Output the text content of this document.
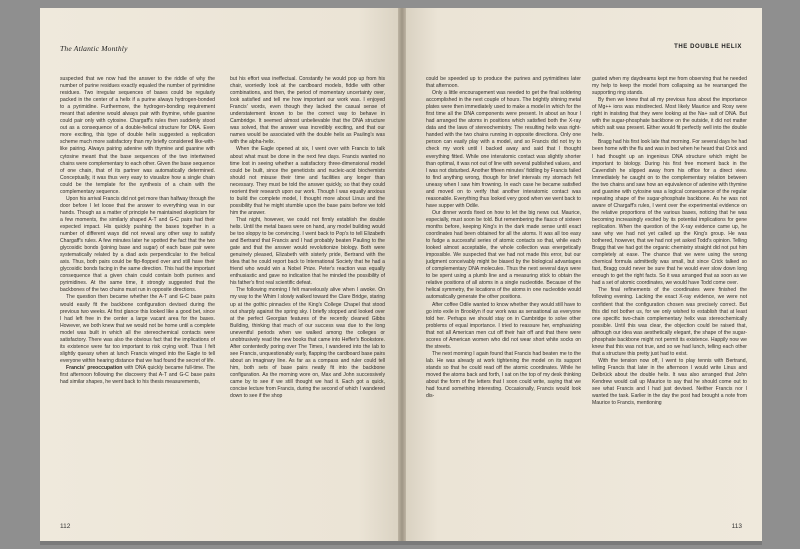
The Atlantic Monthly

suspected that we now had the answer to the riddle of why the number of purine residues exactly equaled the number of pyrimidine residues. Two irregular sequences of bases could be regularly packed in the center of a helix if a purine always hydrogen-bonded to a pyrimidine. Furthermore, the hydrogen-bonding requirement meant that adenine would always pair with thymine, while guanine could pair only with cytosine. Chargaff's rules then suddenly stood out as a consequence of a double-helical structure for DNA. Even more exciting, this type of double helix suggested a replication scheme much more satisfactory than my briefly considered like-with-like pairing. Always pairing adenine with thymine and guanine with cytosine meant that the base sequences of the two intertwined chains were complementary to each other. Given the base sequence of one chain, that of its partner was automatically determined. Conceptually, it was thus very easy to visualize how a single chain could be the template for the synthesis of a chain with the complementary sequence.

Upon his arrival Francis did not get more than halfway through the door before I let loose that the answer to everything was in our hands. Though as a matter of principle he maintained skepticism for a few moments, the similarly shaped A-T and G-C pairs had their expected impact. His quickly pushing the bases together in a number of different ways did not reveal any other way to satisfy Chargaff's rules. A few minutes later he spotted the fact that the two glycosidic bonds (joining base and sugar) of each base pair were systematically related by a diad axis perpendicular to the helical axis. Thus, both pairs could be flip-flopped over and still have their glycosidic bonds facing in the same direction. This had the important consequence that a given chain could contain both purines and pyrimidines. At the same time, it strongly suggested that the backbones of the two chains must run in opposite directions.

The question then became whether the A-T and G-C base pairs would easily fit the backbone configuration devised during the previous two weeks. At first glance this looked like a good bet, since I had left free in the center a large vacant area for the bases. However, we both knew that we would not be home until a complete model was built in which all the stereochemical contacts were satisfactory. There was also the obvious fact that the implications of its existence were far too important to risk crying wolf. Thus I felt slightly queasy when at lunch Francis winged into the Eagle to tell everyone within hearing distance that we had found the secret of life.

Francis' preoccupation with DNA quickly became full-time. The first afternoon following the discovery that A-T and G-C base pairs had similar shapes, he went back to his thesis measurements,

but his effort was ineffectual. Constantly he would pop up from his chair, worriedly look at the cardboard models, fiddle with other combinations, and then, the period of momentary uncertainty over, look satisfied and tell me how important our work was. I enjoyed Francis' words, even though they lacked the casual sense of understatement known to be the correct way to behave in Cambridge. It seemed almost unbelievable that the DNA structure was solved, that the answer was incredibly exciting, and that our names would be associated with the double helix as Pauling's was with the alpha-helix.

When the Eagle opened at six, I went over with Francis to talk about what must be done in the next few days. Francis wanted no time lost in seeing whether a satisfactory three-dimensional model could be built, since the geneticists and nucleic-acid biochemists should not misuse their time and facilities any longer than necessary. They must be told the answer quickly, so that they could reorient their research upon our work. Though I was equally anxious to build the complete model, I thought more about Linus and the possibility that he might stumble upon the base pairs before we told him the answer.

That night, however, we could not firmly establish the double helix. Until the metal bases were on hand, any model building would be too sloppy to be convincing. I went back to Pop's to tell Elizabeth and Bertrand that Francis and I had probably beaten Pauling to the gate and that the answer would revolutionize biology. Both were genuinely pleased, Elizabeth with sisterly pride, Bertrand with the idea that he could report back to International Society that he had a friend who would win a Nobel Prize. Peter's reaction was equally enthusiastic and gave no indication that he minded the possibility of his father's first real scientific defeat.

The following morning I felt marvelously alive when I awoke. On my way to the Whim I slowly walked toward the Clare Bridge, staring up at the gothic pinnacles of the King's College Chapel that stood out sharply against the spring sky. I briefly stopped and looked over at the perfect Georgian features of the recently cleaned Gibbs Building, thinking that much of our success was due to the long uneventful periods when we walked among the colleges or unobtrusively read the new books that came into Heffer's Bookstore. After contentedly poring over The Times, I wandered into the lab to see Francis, unquestionably early, flapping the cardboard base pairs about an imaginary line. As far as a compass and ruler could tell him, both sets of base pairs neatly fit into the backbone configuration. As the morning wore on, Max and John successively came by to see if we still thought we had it. Each got a quick, concise lecture from Francis, during the second of which I wandered down to see if the shop

112
THE DOUBLE HELIX

could be speeded up to produce the purines and pyrimidines later that afternoon.

Only a little encouragement was needed to get the final soldering accomplished in the next couple of hours. The brightly shining metal plates were then immediately used to make a model in which for the first time all the DNA components were present. In about an hour I had arranged the atoms in positions which satisfied both the X-ray data and the laws of stereochemistry. The resulting helix was right-handed with the two chains running in opposite directions. Only one person can easily play with a model, and so Francis did not try to check my work until I backed away and said that I thought everything fitted. While one interatomic contact was slightly shorter than optimal, it was not out of line with several published values, and I was not disturbed. Another fifteen minutes' fiddling by Francis failed to find anything wrong, though for brief intervals my stomach felt uneasy when I saw him frowning. In each case he became satisfied and moved on to verify that another interatomic contact was reasonable. Everything thus looked very good when we went back to have supper with Odile.

Our dinner words fixed on how to let the big news out. Maurice, especially, must soon be told. But remembering the fiasco of sixteen months before, keeping King's in the dark made sense until exact coordinates had been obtained for all the atoms. It was all too easy to fudge a successful series of atomic contacts so that, while each looked almost acceptable, the whole collection was energetically impossible. We suspected that we had not made this error, but our judgment conceivably might be biased by the biological advantages of complementary DNA molecules. Thus the next several days were to be spent using a plumb line and a measuring stick to obtain the relative positions of all atoms in a single nucleotide. Because of the helical symmetry, the locations of the atoms in one nucleotide would automatically generate the other positions.

After coffee Odile wanted to know whether they would still have to go into exile in Brooklyn if our work was as sensational as everyone told her. Perhaps we should stay on in Cambridge to solve other problems of equal importance. I tried to reassure her, emphasizing that not all American men cut off their hair off and that there were scores of American women who did not wear short white socks on the streets.

The next morning I again found that Francis had beaten me to the lab. He was already at work tightening the model on its support stands so that he could read off the atomic coordinates. While he moved the atoms back and forth, I sat on the top of my desk thinking about the form of the letters that I soon could write, saying that we had found something interesting. Occasionally, Francis would look dis-

gusted when my daydreams kept me from observing that he needed my help to keep the model from collapsing as he rearranged the supporting ring stands.

By then we knew that all my previous fuss about the importance of Mg++ ions was misdirected. Most likely Maurice and Rosy were right in insisting that they were looking at the Na+ salt of DNA. But with the sugar-phosphate backbone on the outside, it did not matter which salt was present. Either would fit perfectly well into the double helix.

Bragg had his first look late that morning. For several days he had been home with the flu and was in bed when he heard that Crick and I had thought up an ingenious DNA structure which might be important to biology. During his first free moment back in the Cavendish he slipped away from his office for a direct view. Immediately he caught on to the complementary relation between the two chains and saw how an equivalence of adenine with thymine and guanine with cytosine was a logical consequence of the regular repeating shape of the sugar-phosphate backbone. As he was not aware of Chargaff's rules, I went over the experimental evidence on the relative proportions of the various bases, noticing that he was becoming increasingly excited by its potential implications for gene replication. When the question of the X-ray evidence came up, he saw why we had not yet called up the King's group. He was bothered, however, that we had not yet asked Todd's opinion. Telling Bragg that we had got the organic chemistry straight did not put him completely at ease. The chance that we were using the wrong chemical formula admittedly was small, but since Crick talked so fast, Bragg could never be sure that he would ever slow down long enough to get the right facts. So it was arranged that as soon as we had a set of atomic coordinates, we would have Todd come over.

The final refinements of the coordinates were finished the following evening. Lacking the exact X-ray evidence, we were not confident that the configuration chosen was precisely correct. But this did not bother us, for we only wished to establish that at least one specific two-chain complementary helix was stereochemically possible. Until this was clear, the objection could be raised that, although our idea was aesthetically elegant, the shape of the sugar-phosphate backbone might not permit its existence. Happily now we knew that this was not true, and so we had lunch, telling each other that a structure this pretty just had to exist.

With the tension now off, I went to play tennis with Bertrand, telling Francis that later in the afternoon I would write Linus and Delbrück about the double helix. It was also arranged that John Kendrew would call up Maurice to say that he should come out to see what Francis and I had just devised. Neither Francis nor I wanted the task. Earlier in the day the post had brought a note from Maurice to Francis, mentioning

113
